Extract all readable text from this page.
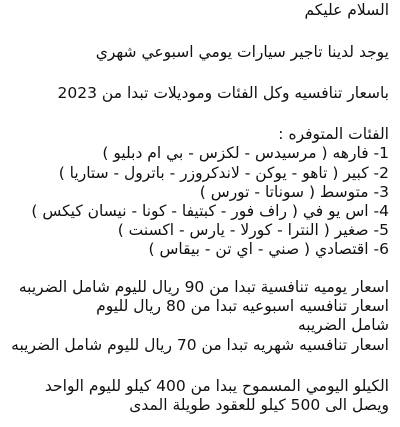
السلام عليكم
يوجد لدينا تاجير سيارات يومي اسبوعي شهري
باسعار تنافسيه وكل الفئات وموديلات تبدا من 2023
الفئات المتوفره :
1- فارهه ( مرسيدس - لكزس - بي ام دبليو )
2- كبير ( تاهو - يوكن - لاندكروزر - باترول - ستاريا )
3- متوسط ( سوناتا - تورس )
4- اس يو في ( راف فور - كبتيفا - كونا - نيسان كيكس )
5- صغير ( النترا - كورلا - يارس - اكسنت )
6- اقتصادي ( صني - اي تن - بيقاس )
اسعار يوميه تنافسية تبدا من 90 ريال لليوم شامل الضريبه
اسعار تنافسيه اسبوعيه تبدا من 80 ريال لليوم
شامل الضريبه
اسعار تنافسيه شهريه تبدا من 70 ريال لليوم شامل الضريبه
الكيلو اليومي المسموح يبدا من 400 كيلو لليوم الواحد
ويصل الى 500 كيلو للعقود طويلة المدى
